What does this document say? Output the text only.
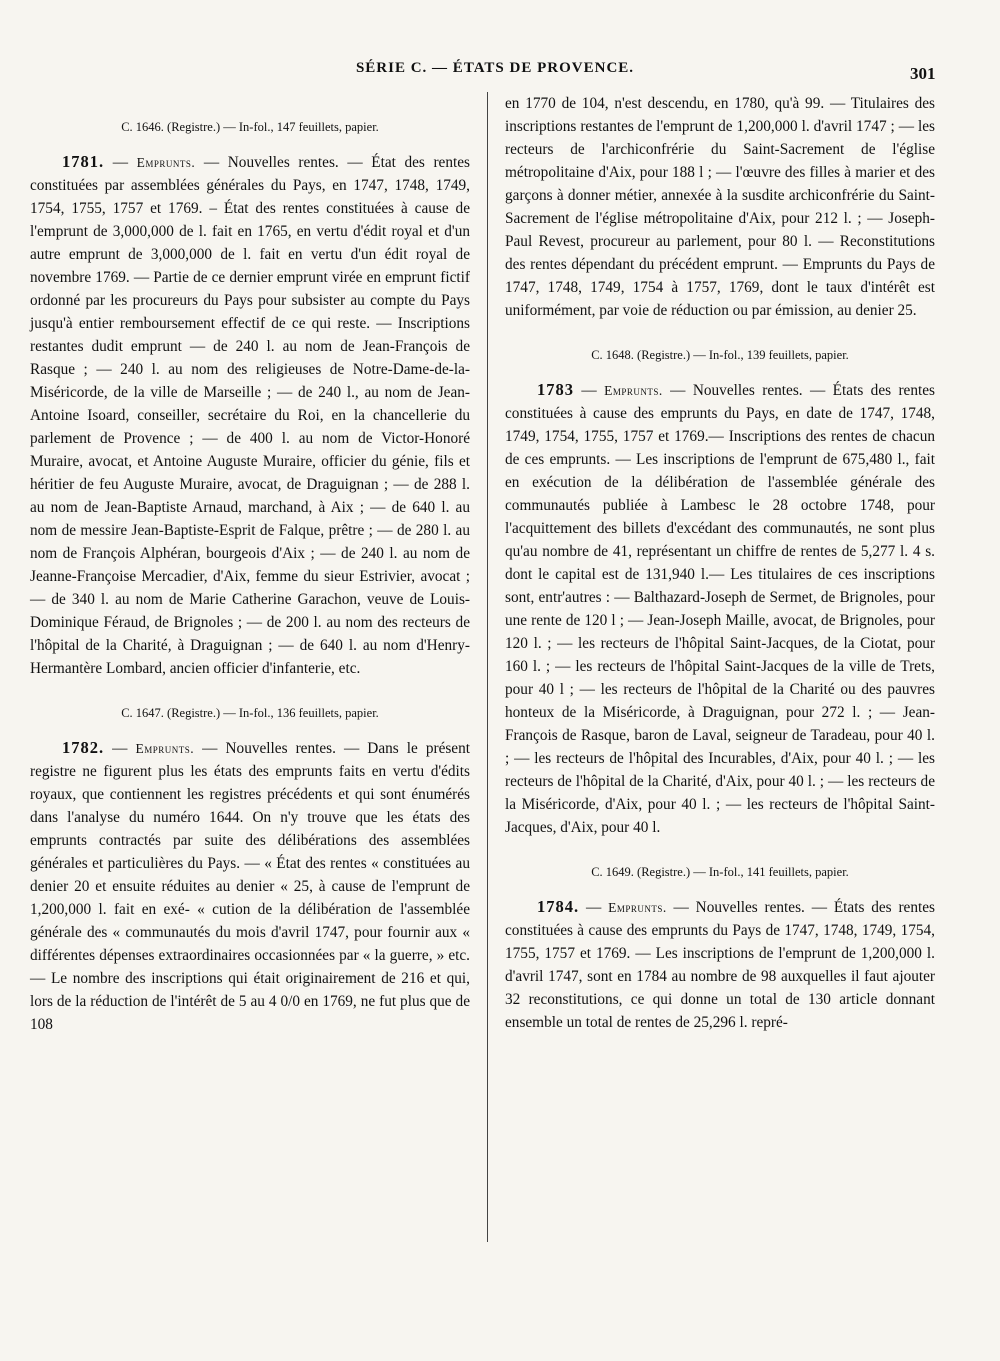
SÉRIE C. — ÉTATS DE PROVENCE.	301
C. 1646. (Registre.) — In-fol., 147 feuillets, papier.

1781. — Emprunts. — Nouvelles rentes. — État des rentes constituées par assemblées générales du Pays, en 1747, 1748, 1749, 1754, 1755, 1757 et 1769. – État des rentes constituées à cause de l'emprunt de 3,000,000 de l. fait en 1765, en vertu d'édit royal et d'un autre emprunt de 3,000,000 de l. fait en vertu d'un édit royal de novembre 1769. — Partie de ce dernier emprunt virée en emprunt fictif ordonné par les procureurs du Pays pour subsister au compte du Pays jusqu'à entier remboursement effectif de ce qui reste. — Inscriptions restantes dudit emprunt — de 240 l. au nom de Jean-François de Rasque ; — 240 l. au nom des religieuses de Notre-Dame-de-la-Miséricorde, de la ville de Marseille ; — de 240 l., au nom de Jean-Antoine Isoard, conseiller, secrétaire du Roi, en la chancellerie du parlement de Provence ; — de 400 l. au nom de Victor-Honoré Muraire, avocat, et Antoine Auguste Muraire, officier du génie, fils et héritier de feu Auguste Muraire, avocat, de Draguignan ; — de 288 l. au nom de Jean-Baptiste Arnaud, marchand, à Aix ; — de 640 l. au nom de messire Jean-Baptiste-Esprit de Falque, prêtre ; — de 280 l. au nom de François Alphéran, bourgeois d'Aix ; — de 240 l. au nom de Jeanne-Françoise Mercadier, d'Aix, femme du sieur Estrivier, avocat ; — de 340 l. au nom de Marie Catherine Garachon, veuve de Louis-Dominique Féraud, de Brignoles ; — de 200 l. au nom des recteurs de l'hôpital de la Charité, à Draguignan ; — de 640 l. au nom d'Henry-Hermantère Lombard, ancien officier d'infanterie, etc.

C. 1647. (Registre.) — In-fol., 136 feuillets, papier.

1782. — Emprunts. — Nouvelles rentes. — Dans le présent registre ne figurent plus les états des emprunts faits en vertu d'édits royaux, que contiennent les registres précédents et qui sont énumérés dans l'analyse du numéro 1644. On n'y trouve que les états des emprunts contractés par suite des délibérations des assemblées générales et particulières du Pays. — « État des rentes « constituées au denier 20 et ensuite réduites au denier « 25, à cause de l'emprunt de 1,200,000 l. fait en exé- « cution de la délibération de l'assemblée générale des « communautés du mois d'avril 1747, pour fournir aux « différentes dépenses extraordinaires occasionnées par « la guerre, » etc. — Le nombre des inscriptions qui était originairement de 216 et qui, lors de la réduction de l'intérêt de 5 au 4 0/0 en 1769, ne fut plus que de 108

en 1770 de 104, n'est descendu, en 1780, qu'à 99. — Titulaires des inscriptions restantes de l'emprunt de 1,200,000 l. d'avril 1747 ; — les recteurs de l'archiconfrérie du Saint-Sacrement de l'église métropolitaine d'Aix, pour 188 l ; — l'œuvre des filles à marier et des garçons à donner métier, annexée à la susdite archiconfrérie du Saint-Sacrement de l'église métropolitaine d'Aix, pour 212 l. ; — Joseph-Paul Revest, procureur au parlement, pour 80 l. — Reconstitutions des rentes dépendant du précédent emprunt. — Emprunts du Pays de 1747, 1748, 1749, 1754 à 1757, 1769, dont le taux d'intérêt est uniformément, par voie de réduction ou par émission, au denier 25.

C. 1648. (Registre.) — In-fol., 139 feuillets, papier.

1783 — Emprunts. — Nouvelles rentes. — États des rentes constituées à cause des emprunts du Pays, en date de 1747, 1748, 1749, 1754, 1755, 1757 et 1769.— Inscriptions des rentes de chacun de ces emprunts. — Les inscriptions de l'emprunt de 675,480 l., fait en exécution de la délibération de l'assemblée générale des communautés publiée à Lambesc le 28 octobre 1748, pour l'acquittement des billets d'excédant des communautés, ne sont plus qu'au nombre de 41, représentant un chiffre de rentes de 5,277 l. 4 s. dont le capital est de 131,940 l.— Les titulaires de ces inscriptions sont, entr'autres : — Balthazard-Joseph de Sermet, de Brignoles, pour une rente de 120 l ; — Jean-Joseph Maille, avocat, de Brignoles, pour 120 l. ; — les recteurs de l'hôpital Saint-Jacques, de la Ciotat, pour 160 l. ; — les recteurs de l'hôpital Saint-Jacques de la ville de Trets, pour 40 l ; — les recteurs de l'hôpital de la Charité ou des pauvres honteux de la Miséricorde, à Draguignan, pour 272 l. ; — Jean-François de Rasque, baron de Laval, seigneur de Taradeau, pour 40 l. ; — les recteurs de l'hôpital des Incurables, d'Aix, pour 40 l. ; — les recteurs de l'hôpital de la Charité, d'Aix, pour 40 l. ; — les recteurs de la Miséricorde, d'Aix, pour 40 l. ; — les recteurs de l'hôpital Saint-Jacques, d'Aix, pour 40 l.

C. 1649. (Registre.) — In-fol., 141 feuillets, papier.

1784. — Emprunts. — Nouvelles rentes. — États des rentes constituées à cause des emprunts du Pays de 1747, 1748, 1749, 1754, 1755, 1757 et 1769. — Les inscriptions de l'emprunt de 1,200,000 l. d'avril 1747, sont en 1784 au nombre de 98 auxquelles il faut ajouter 32 reconstitutions, ce qui donne un total de 130 article donnant ensemble un total de rentes de 25,296 l. repré-
